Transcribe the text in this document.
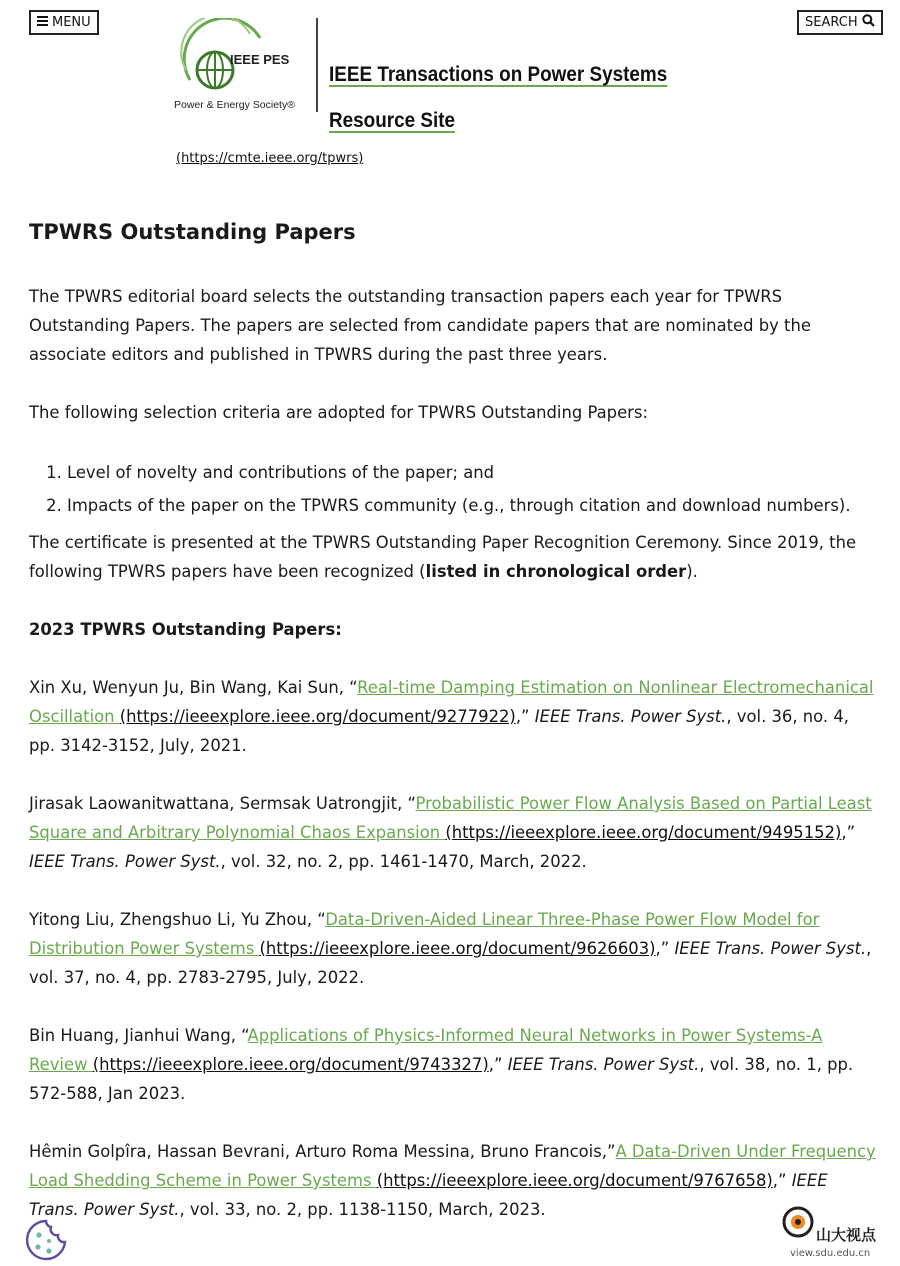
MENU	SEARCH
IEEE PES
Power & Energy Society®
IEEE Transactions on Power Systems Resource Site
(https://cmte.ieee.org/tpwrs)
TPWRS Outstanding Papers

The TPWRS editorial board selects the outstanding transaction papers each year for TPWRS Outstanding Papers. The papers are selected from candidate papers that are nominated by the associate editors and published in TPWRS during the past three years.

The following selection criteria are adopted for TPWRS Outstanding Papers:

1. Level of novelty and contributions of the paper; and
2. Impacts of the paper on the TPWRS community (e.g., through citation and download numbers).

The certificate is presented at the TPWRS Outstanding Paper Recognition Ceremony. Since 2019, the following TPWRS papers have been recognized (listed in chronological order).

2023 TPWRS Outstanding Papers:

Xin Xu, Wenyun Ju, Bin Wang, Kai Sun, “Real-time Damping Estimation on Nonlinear Electromechanical Oscillation (https://ieeexplore.ieee.org/document/9277922),” IEEE Trans. Power Syst., vol. 36, no. 4, pp. 3142-3152, July, 2021.

Jirasak Laowanitwattana, Sermsak Uatrongjit, “Probabilistic Power Flow Analysis Based on Partial Least Square and Arbitrary Polynomial Chaos Expansion (https://ieeexplore.ieee.org/document/9495152),” IEEE Trans. Power Syst., vol. 32, no. 2, pp. 1461-1470, March, 2022.

Yitong Liu, Zhengshuo Li, Yu Zhou, “Data-Driven-Aided Linear Three-Phase Power Flow Model for Distribution Power Systems (https://ieeexplore.ieee.org/document/9626603),” IEEE Trans. Power Syst., vol. 37, no. 4, pp. 2783-2795, July, 2022.

Bin Huang, Jianhui Wang, “Applications of Physics-Informed Neural Networks in Power Systems-A Review (https://ieeexplore.ieee.org/document/9743327),” IEEE Trans. Power Syst., vol. 38, no. 1, pp. 572-588, Jan 2023.

Hêmin Golpîra, Hassan Bevrani, Arturo Roma Messina, Bruno Francois,”A Data-Driven Under Frequency Load Shedding Scheme in Power Systems (https://ieeexplore.ieee.org/document/9767658),” IEEE Trans. Power Syst., vol. 33, no. 2, pp. 1138-1150, March, 2023.

山大视点
view.sdu.edu.cn
